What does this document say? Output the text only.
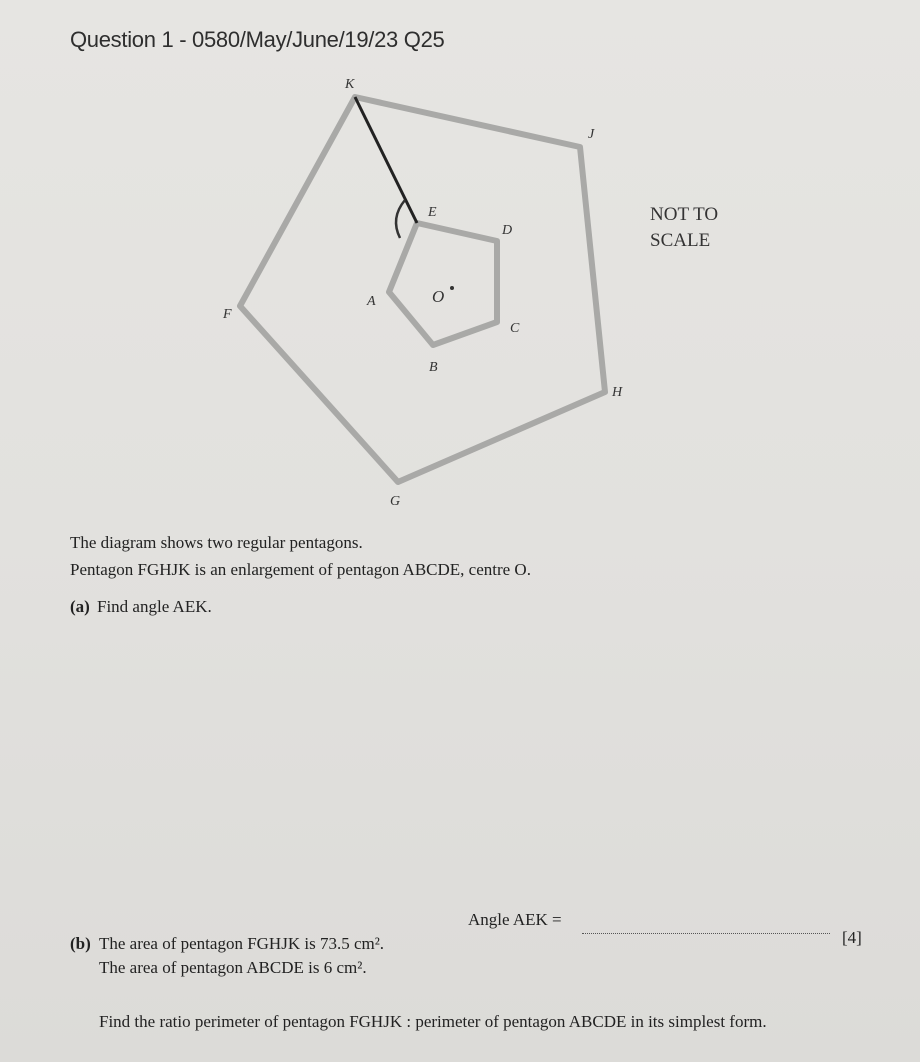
Question 1 - 0580/May/June/19/23 Q25
K
J
H
G
F
E
D
C
B
A	O
NOT TO
SCALE
The diagram shows two regular pentagons.
Pentagon FGHJK is an enlargement of pentagon ABCDE, centre O.
(a) Find angle AEK.
Angle AEK =
[4]
(b) The area of pentagon FGHJK is 73.5 cm².
The area of pentagon ABCDE is 6 cm².
Find the ratio perimeter of pentagon FGHJK : perimeter of pentagon ABCDE in its simplest form.
